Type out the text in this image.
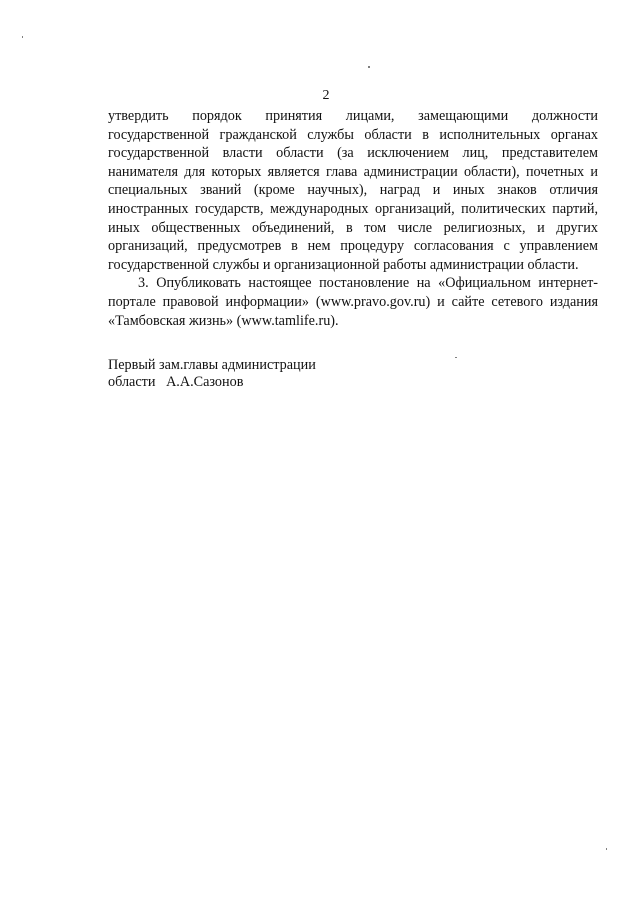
2

утвердить порядок принятия лицами, замещающими должности государственной гражданской службы области в исполнительных органах государственной власти области (за исключением лиц, представителем нанимателя для которых является глава администрации области), почетных и специальных званий (кроме научных), наград и иных знаков отличия иностранных государств, международных организаций, политических партий, иных общественных объединений, в том числе религиозных, и других организаций, предусмотрев в нем процедуру согласования с управлением государственной службы и организационной работы администрации области.

3. Опубликовать настоящее постановление на «Официальном интернет-портале правовой информации» (www.pravo.gov.ru) и сайте сетевого издания «Тамбовская жизнь» (www.tamlife.ru).

Первый зам.главы администрации
области   А.А.Сазонов
